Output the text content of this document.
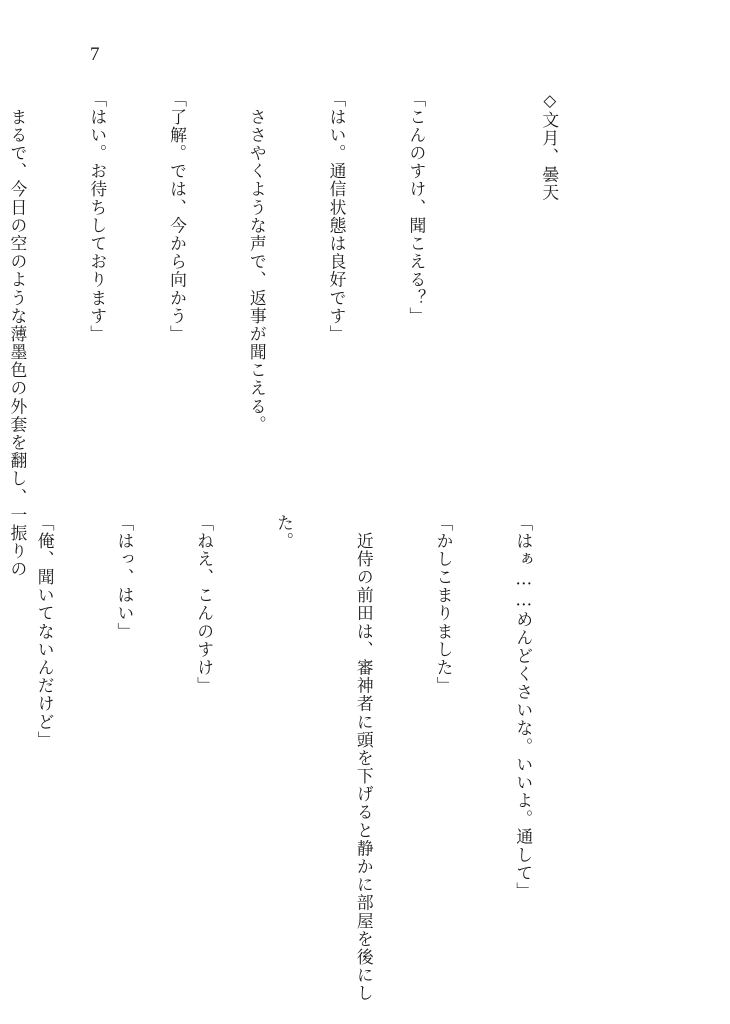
7

◇文月、曇天

「こんのすけ、聞こえる？」

「はい。通信状態は良好です」

　ささやくような声で、返事が聞こえる。

「了解。では、今から向かう」

「はい。お待ちしております」

　まるで、今日の空のような薄墨色の外套を翻し、一振りの

「はぁ……めんどくさいな。いいよ。通して」

「かしこまりました」

　近侍の前田は、審神者に頭を下げると静かに部屋を後にし

た。

「ねえ、こんのすけ」

「はっ、はい」

「俺、聞いてないんだけど」
